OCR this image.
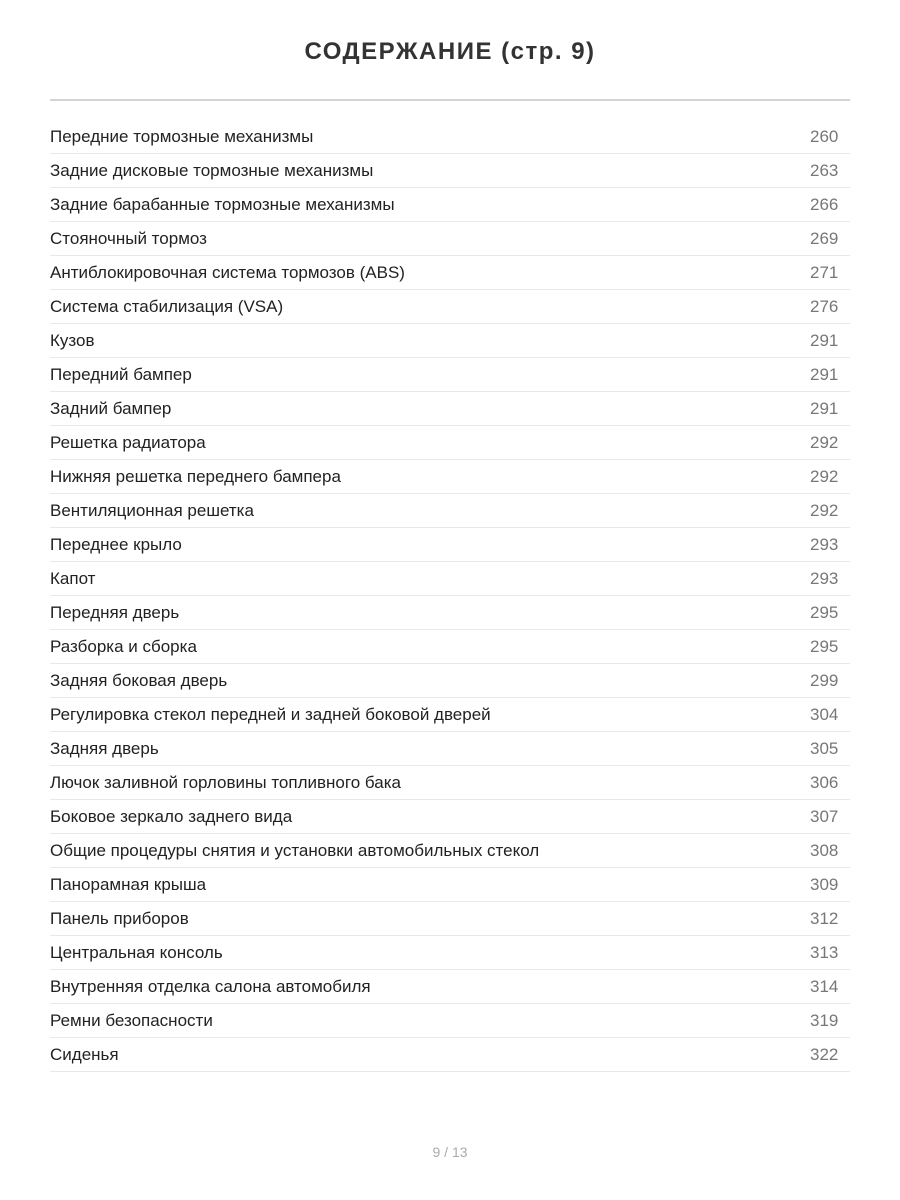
СОДЕРЖАНИЕ (стр. 9)
Передние тормозные механизмы	260
Задние дисковые тормозные механизмы	263
Задние барабанные тормозные механизмы	266
Стояночный тормоз	269
Антиблокировочная система тормозов (ABS)	271
Система стабилизация (VSA)	276
Кузов	291
Передний бампер	291
Задний бампер	291
Решетка радиатора	292
Нижняя решетка переднего бампера	292
Вентиляционная решетка	292
Переднее крыло	293
Капот	293
Передняя дверь	295
Разборка и сборка	295
Задняя боковая дверь	299
Регулировка стекол передней и задней боковой дверей	304
Задняя дверь	305
Лючок заливной горловины топливного бака	306
Боковое зеркало заднего вида	307
Общие процедуры снятия и установки автомобильных стекол	308
Панорамная крыша	309
Панель приборов	312
Центральная консоль	313
Внутренняя отделка салона автомобиля	314
Ремни безопасности	319
Сиденья	322
9 / 13
